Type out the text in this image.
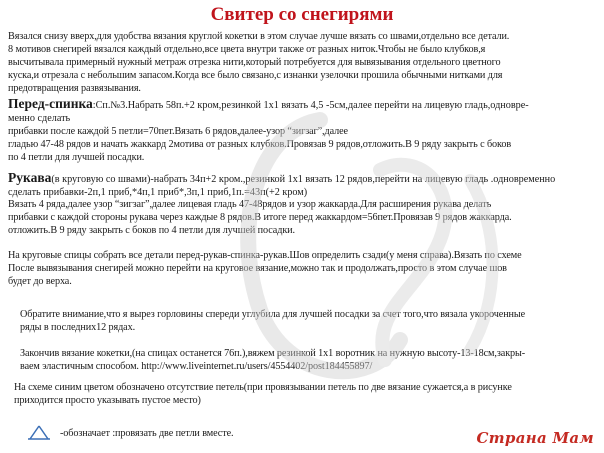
Свитер со снегирями
Вязался снизу вверх,для удобства вязания круглой кокетки в этом случае лучше вязать со швами,отдельно все детали.
8 мотивов снегирей вязался каждый отдельно,все цвета внутри также от разных ниток.Чтобы не было клубков,я
высчитывала примерный нужный метраж отрезка нити,который потребуется для вывязывания отдельного цветного
куска,и отрезала с небольшим запасом.Когда все было связано,с изнанки узелочки прошила обычными нитками для
предотвращения развязывания.
Перед-спинка:Сп.№3.Набрать 58п.+2 кром,резинкой 1х1 вязать 4,5 -5см,далее перейти на лицевую гладь,одновре-
менно сделать
прибавки после каждой 5 петли=70пет.Вязать 6 рядов,далее-узор “зигзаг”,далее
гладью 47-48 рядов и начать жаккард 2мотива от разных клубков.Провязав 9 рядов,отложить.В 9 ряду закрыть с боков
по 4 петли для лучшей посадки.
Рукава(в круговую со швами)-набрать 34п+2 кром.,резинкой 1х1 вязать 12 рядов,перейти на лицевую гладь .одновременно
сделать прибавки-2п,1 приб,*4п,1 приб*,3п,1 приб,1п.=43п(+2 кром)
Вязать 4 ряда,далее узор “зигзаг”,далее лицевая гладь 47-48рядов и узор жаккарда.Для расширения рукава делать
прибавки с каждой стороны рукава через каждые 8 рядов.В итоге перед жаккардом=56пет.Провязав 9 рядов жаккарда.
отложить.В 9 ряду закрыть с боков по 4 петли для лучшей посадки.
На круговые спицы собрать все детали перед-рукав-спинка-рукав.Шов определить сзади(у меня справа).Вязать по схеме
После вывязывания снегирей можно перейти на круговое вязание,можно так и продолжать,просто в этом случае шов
будет до верха.
Обратите внимание,что я вырез горловины спереди углубила для лучшей посадки за счет того,что вязала укороченные
ряды в последних12 рядах.
Закончив вязание кокетки,(на спицах останется 76п.),вяжем резинкой 1х1 воротник на нужную высоту-13-18см,закры-
ваем эластичным способом. http://www.liveinternet.ru/users/4554402/post184455897/
На схеме синим цветом обозначено отсутствие петель(при провязывании петель по две вязание сужается,а в рисунке
приходится просто указывать пустое место)
-обозначает :провязать две петли вместе.	Страна Мам
